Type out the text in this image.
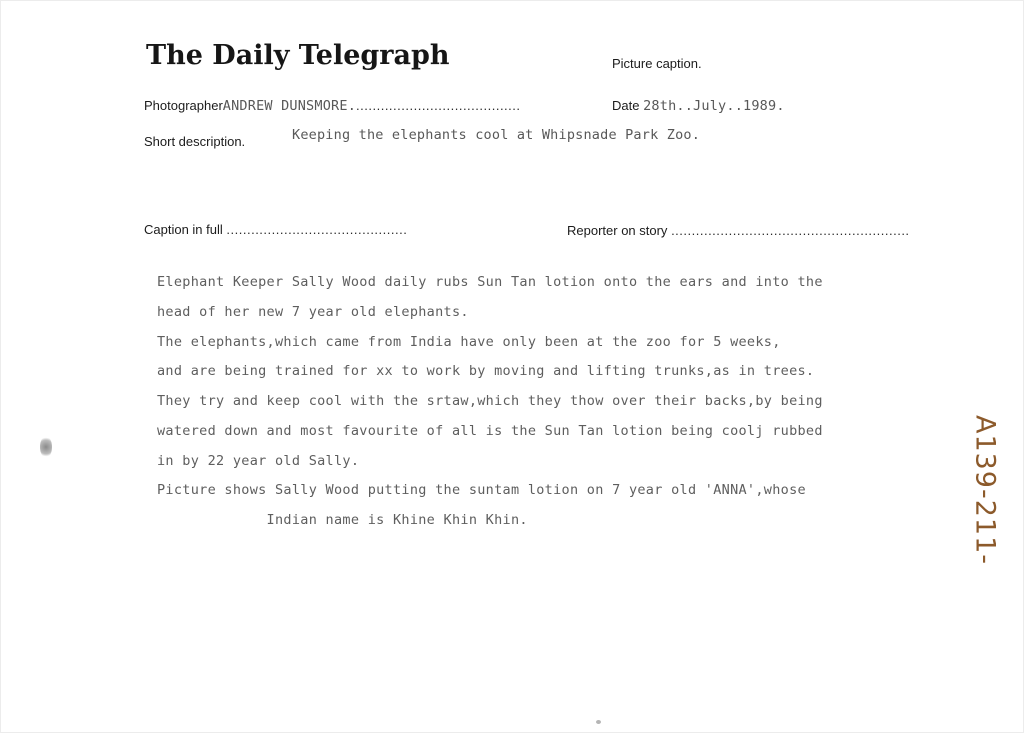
The Daily Telegraph	Picture caption.
PhotographerANDREW DUNSMORE.........................................	Date 28th..July..1989.
Short description.	Keeping the elephants cool at Whipsnade Park Zoo.
Caption in full ............................................	Reporter on story ..........................................................
Elephant Keeper Sally Wood daily rubs Sun Tan lotion onto the ears and into the
head of her new 7 year old elephants.
The elephants,which came from India have only been at the zoo for 5 weeks,
and are being trained for xx to work by moving and lifting trunks,as in trees.
They try and keep cool with the srtaw,which they thow over their backs,by being
watered down and most favourite of all is the Sun Tan lotion being coolj rubbed
in by 22 year old Sally.
Picture shows Sally Wood putting the suntam lotion on 7 year old 'ANNA',whose
Indian name is Khine Khin Khin.	A139-211-
